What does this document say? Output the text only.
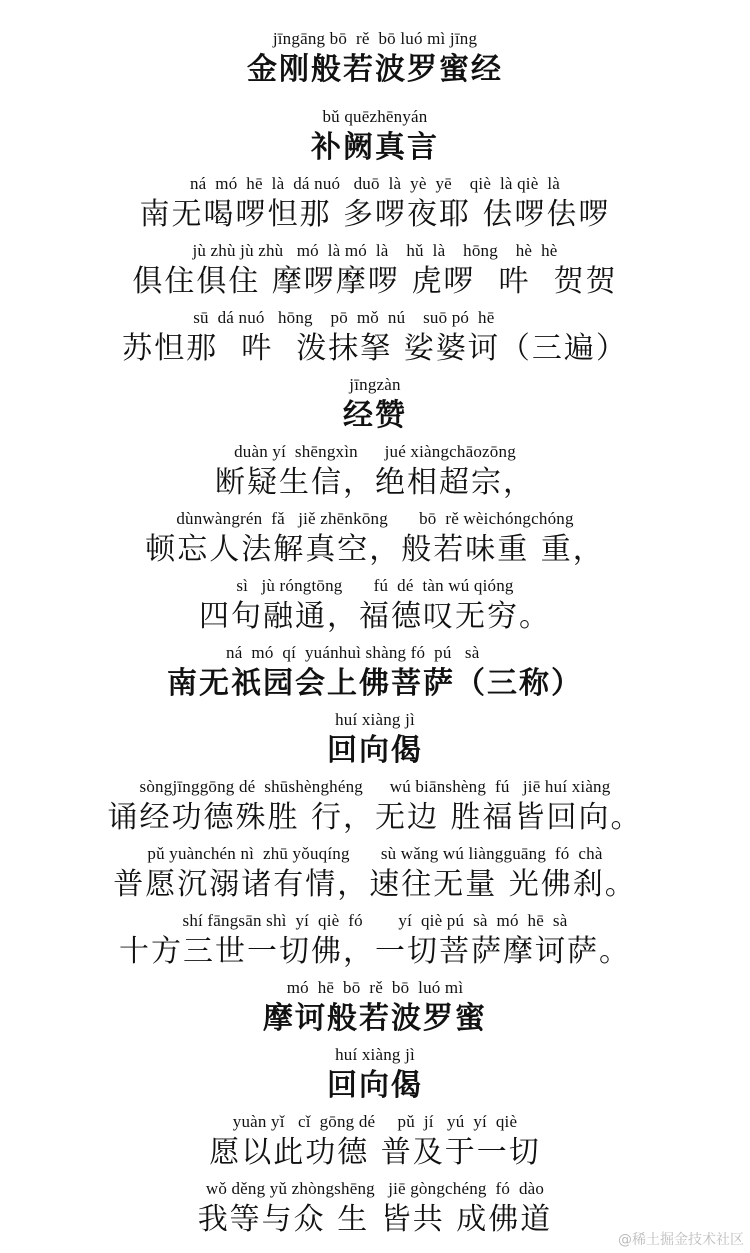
jīngāng bō  rě  bō luó mì jīng
金刚般若波罗蜜经
bǔ quēzhēnyán
补阙真言
ná  mó  hē  là  dá nuó   duō  là  yè  yē    qiè  là qiè  là
南无喝啰怛那 多啰夜耶 佉啰佉啰
jù zhù jù zhù   mó  là mó  là    hǔ  là    hōng    hè  hè
俱住俱住 摩啰摩啰 虎啰  吽  贺贺
sū  dá nuó   hōng    pō  mǒ  nú    suō pó  hē
苏怛那  吽  泼抹拏 娑婆诃（三遍）
jīngzàn
经赞
duàn yí  shēngxìn      jué xiàngchāozōng
断疑生信，绝相超宗，
dùnwàngrén  fǎ   jiě zhēnkōng       bō  rě wèichóngchóng
顿忘人法解真空，般若味重 重，
sì   jù róngtōng       fú  dé  tàn wú qióng
四句融通，福德叹无穷。
ná  mó  qí  yuánhuì shàng fó  pú   sà
南无祇园会上佛菩萨（三称）
huí xiàng jì
回向偈
sòngjīnggōng dé  shūshènghéng      wú biānshèng  fú   jiē huí xiàng
诵经功德殊胜 行，无边 胜福皆回向。
pǔ yuànchén nì  zhū yǒuqíng       sù wǎng wú liàngguāng  fó  chà
普愿沉溺诸有情，速往无量 光佛刹。
shí fāngsān shì  yí  qiè  fó        yí  qiè pú  sà  mó  hē  sà
十方三世一切佛，一切菩萨摩诃萨。
mó  hē  bō  rě  bō  luó mì
摩诃般若波罗蜜
huí xiàng jì
回向偈
yuàn yǐ   cǐ  gōng dé     pǔ  jí   yú  yí  qiè
愿以此功德 普及于一切
wǒ děng yǔ zhòngshēng   jiē gòngchéng  fó  dào
我等与众 生 皆共 成佛道
@稀土掘金技术社区
